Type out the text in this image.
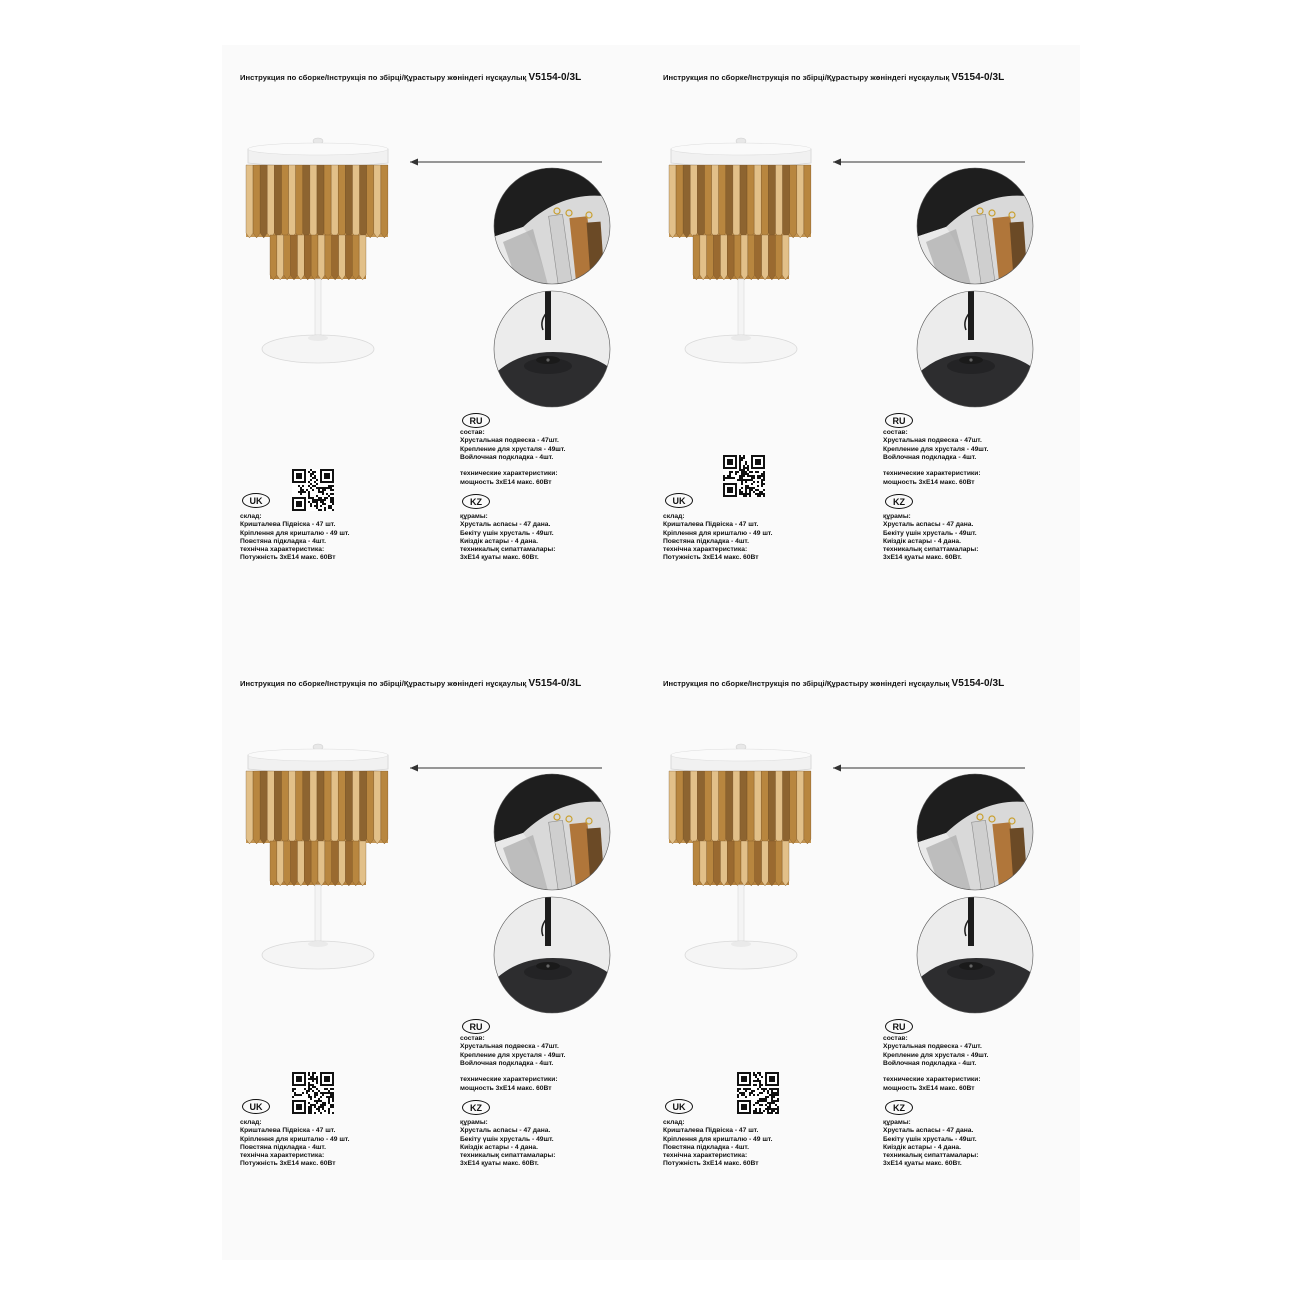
Инструкция по сборке/Інструкція по збірці/Құрастыру жөніндегі нұсқаулық V5154-0/3L
RU
состав:
Хрустальная подвеска - 47шт.
Крепление для хрусталя - 49шт.
Войлочная подкладка - 4шт.
технические характеристики:
мощность 3хЕ14 макс. 60Вт
KZ
құрамы:
Хрусталь аспасы - 47 дана.
Бекіту үшін хрусталь - 49шт.
Киіздік астары - 4 дана.
техникалық сипаттамалары:
3хЕ14 қуаты макс. 60Вт.
UK
склад:
Кришталева Підвіска - 47 шт.
Кріплення для кришталю - 49 шт.
Повстяна підкладка - 4шт.
технічна характеристика:
Потужність 3хЕ14 макс. 60Вт
Инструкция по сборке/Інструкція по збірці/Құрастыру жөніндегі нұсқаулық V5154-0/3L
RU
состав:
Хрустальная подвеска - 47шт.
Крепление для хрусталя - 49шт.
Войлочная подкладка - 4шт.
технические характеристики:
мощность 3хЕ14 макс. 60Вт
KZ
құрамы:
Хрусталь аспасы - 47 дана.
Бекіту үшін хрусталь - 49шт.
Киіздік астары - 4 дана.
техникалық сипаттамалары:
3хЕ14 қуаты макс. 60Вт.
UK
склад:
Кришталева Підвіска - 47 шт.
Кріплення для кришталю - 49 шт.
Повстяна підкладка - 4шт.
технічна характеристика:
Потужність 3хЕ14 макс. 60Вт
Инструкция по сборке/Інструкція по збірці/Құрастыру жөніндегі нұсқаулық V5154-0/3L
RU
состав:
Хрустальная подвеска - 47шт.
Крепление для хрусталя - 49шт.
Войлочная подкладка - 4шт.
технические характеристики:
мощность 3хЕ14 макс. 60Вт
KZ
құрамы:
Хрусталь аспасы - 47 дана.
Бекіту үшін хрусталь - 49шт.
Киіздік астары - 4 дана.
техникалық сипаттамалары:
3хЕ14 қуаты макс. 60Вт.
UK
склад:
Кришталева Підвіска - 47 шт.
Кріплення для кришталю - 49 шт.
Повстяна підкладка - 4шт.
технічна характеристика:
Потужність 3хЕ14 макс. 60Вт
Инструкция по сборке/Інструкція по збірці/Құрастыру жөніндегі нұсқаулық V5154-0/3L
RU
состав:
Хрустальная подвеска - 47шт.
Крепление для хрусталя - 49шт.
Войлочная подкладка - 4шт.
технические характеристики:
мощность 3хЕ14 макс. 60Вт
KZ
құрамы:
Хрусталь аспасы - 47 дана.
Бекіту үшін хрусталь - 49шт.
Киіздік астары - 4 дана.
техникалық сипаттамалары:
3хЕ14 қуаты макс. 60Вт.
UK
склад:
Кришталева Підвіска - 47 шт.
Кріплення для кришталю - 49 шт.
Повстяна підкладка - 4шт.
технічна характеристика:
Потужність 3хЕ14 макс. 60Вт
